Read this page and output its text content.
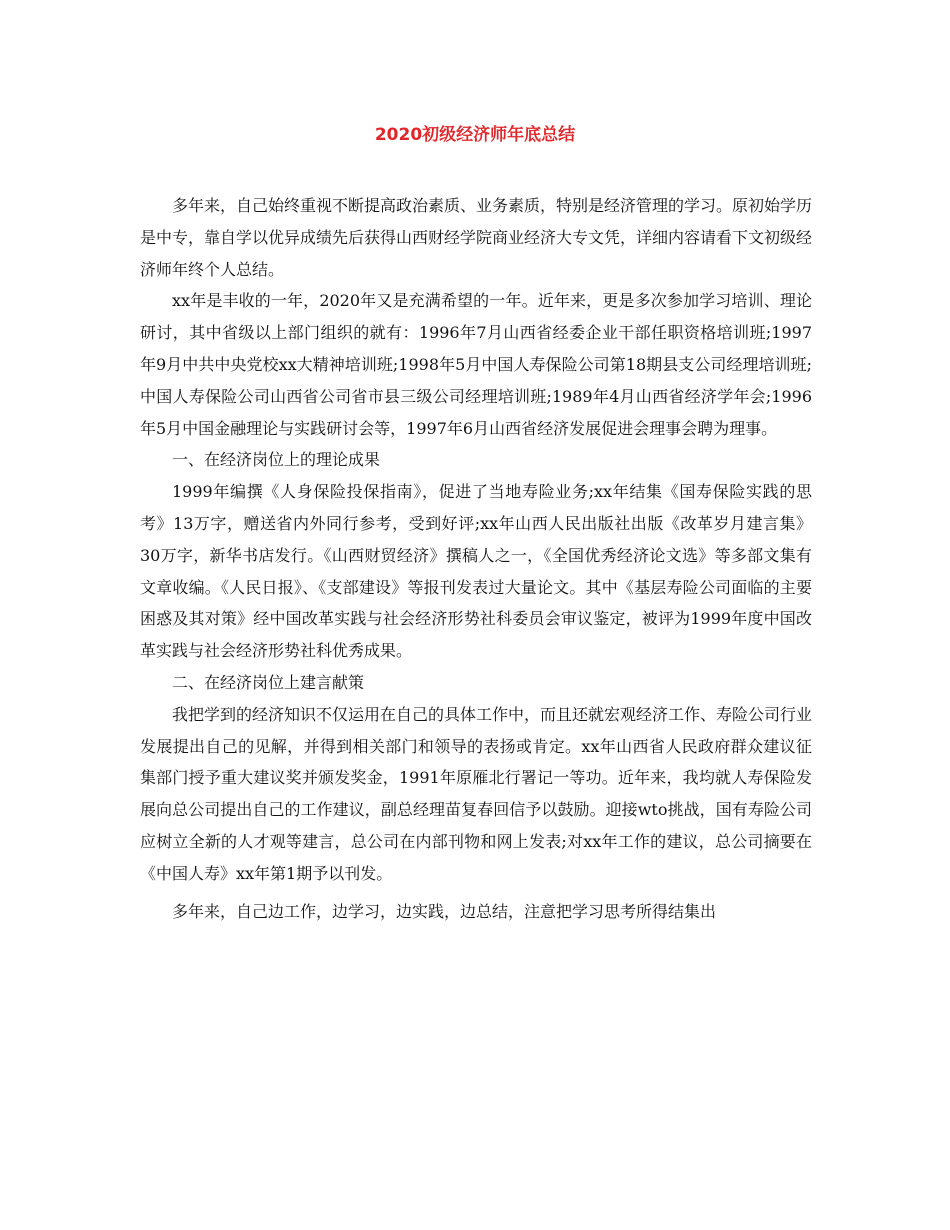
2020初级经济师年底总结

多年来，自己始终重视不断提高政治素质、业务素质，特别是经济管理的学习。原初始学历是中专，靠自学以优异成绩先后获得山西财经学院商业经济大专文凭，详细内容请看下文初级经济师年终个人总结。

xx年是丰收的一年，2020年又是充满希望的一年。近年来，更是多次参加学习培训、理论研讨，其中省级以上部门组织的就有：1996年7月山西省经委企业干部任职资格培训班;1997年9月中共中央党校xx大精神培训班;1998年5月中国人寿保险公司第18期县支公司经理培训班;中国人寿保险公司山西省公司省市县三级公司经理培训班;1989年4月山西省经济学年会;1996年5月中国金融理论与实践研讨会等，1997年6月山西省经济发展促进会理事会聘为理事。

一、在经济岗位上的理论成果

1999年编撰《人身保险投保指南》，促进了当地寿险业务;xx年结集《国寿保险实践的思考》13万字，赠送省内外同行参考，受到好评;xx年山西人民出版社出版《改革岁月建言集》30万字，新华书店发行。《山西财贸经济》撰稿人之一，《全国优秀经济论文选》等多部文集有文章收编。《人民日报》、《支部建设》等报刊发表过大量论文。其中《基层寿险公司面临的主要困惑及其对策》经中国改革实践与社会经济形势社科委员会审议鉴定，被评为1999年度中国改革实践与社会经济形势社科优秀成果。

二、在经济岗位上建言献策

我把学到的经济知识不仅运用在自己的具体工作中，而且还就宏观经济工作、寿险公司行业发展提出自己的见解，并得到相关部门和领导的表扬或肯定。xx年山西省人民政府群众建议征集部门授予重大建议奖并颁发奖金，1991年原雁北行署记一等功。近年来，我均就人寿保险发展向总公司提出自己的工作建议，副总经理苗复春回信予以鼓励。迎接wto挑战，国有寿险公司应树立全新的人才观等建言，总公司在内部刊物和网上发表;对xx年工作的建议，总公司摘要在《中国人寿》xx年第1期予以刊发。

多年来，自己边工作，边学习，边实践，边总结，注意把学习思考所得结集出
